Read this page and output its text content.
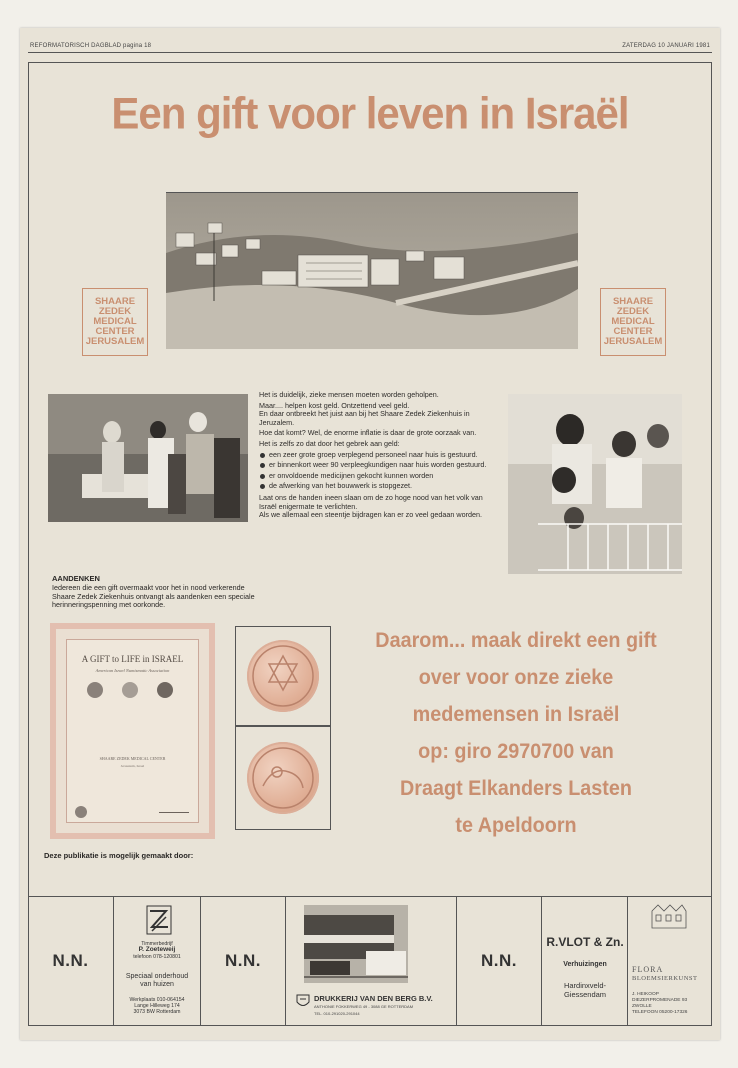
REFORMATORISCH DAGBLAD pagina 18	ZATERDAG 10 JANUARI 1981
Een gift voor leven in Israël
SHAARE
ZEDEK
MEDICAL
CENTER
JERUSALEM
SHAARE
ZEDEK
MEDICAL
CENTER
JERUSALEM

Het is duidelijk, zieke mensen moeten worden geholpen.

Maar.... helpen kost geld. Ontzettend veel geld.

En daar ontbreekt het juist aan bij het Shaare Zedek Ziekenhuis in Jeruzalem.

Hoe dat komt? Wel, de enorme inflatie is daar de grote oorzaak van.

Het is zelfs zo dat door het gebrek aan geld:

een zeer grote groep verplegend personeel naar huis is gestuurd.
er binnenkort weer 90 verpleegkundigen naar huis worden gestuurd.
er onvoldoende medicijnen gekocht kunnen worden
de afwerking van het bouwwerk is stopgezet.

Laat ons de handen ineen slaan om de zo hoge nood van het volk van Israël enigermate te verlichten.

Als we allemaal een steentje bijdragen kan er zo veel gedaan worden.

AANDENKEN
Iedereen die een gift overmaakt voor het in nood verkerende Shaare Zedek Ziekenhuis ontvangt als aandenken een speciale herinneringspenning met oorkonde.
A GIFT to LIFE in ISRAEL
American Israel Numismatic Association
SHAARE ZEDEK MEDICAL CENTER
Jerusalem, Israel
Daarom... maak direkt een gift
over voor onze zieke
medemensen in Israël
op: giro 2970700 van
Draagt Elkanders Lasten
te Apeldoorn
Deze publikatie is mogelijk gemaakt door:
N.N.
Timmerbedrijf
P. Zoeteweij
telefoon 078-120801
Speciaal onderhoud
van huizen
Werkplaats 010-064154
Lange Hilleweg 174
3073 BW Rotterdam
N.N.
DRUKKERIJ VAN DEN BERG B.V.
ANTHONIE FOKKERWEG 49 - 3088 GE ROTTERDAM
TEL. 010-291020-291044
N.N.
R.VLOT & Zn.
Verhuizingen
Hardinxveld-
Giessendam
FLORA
BLOEMSIERKUNST
J. HEIKOOP
DIEZERPROMENADE 93
ZWOLLE
TELEFOON 05200-17326
